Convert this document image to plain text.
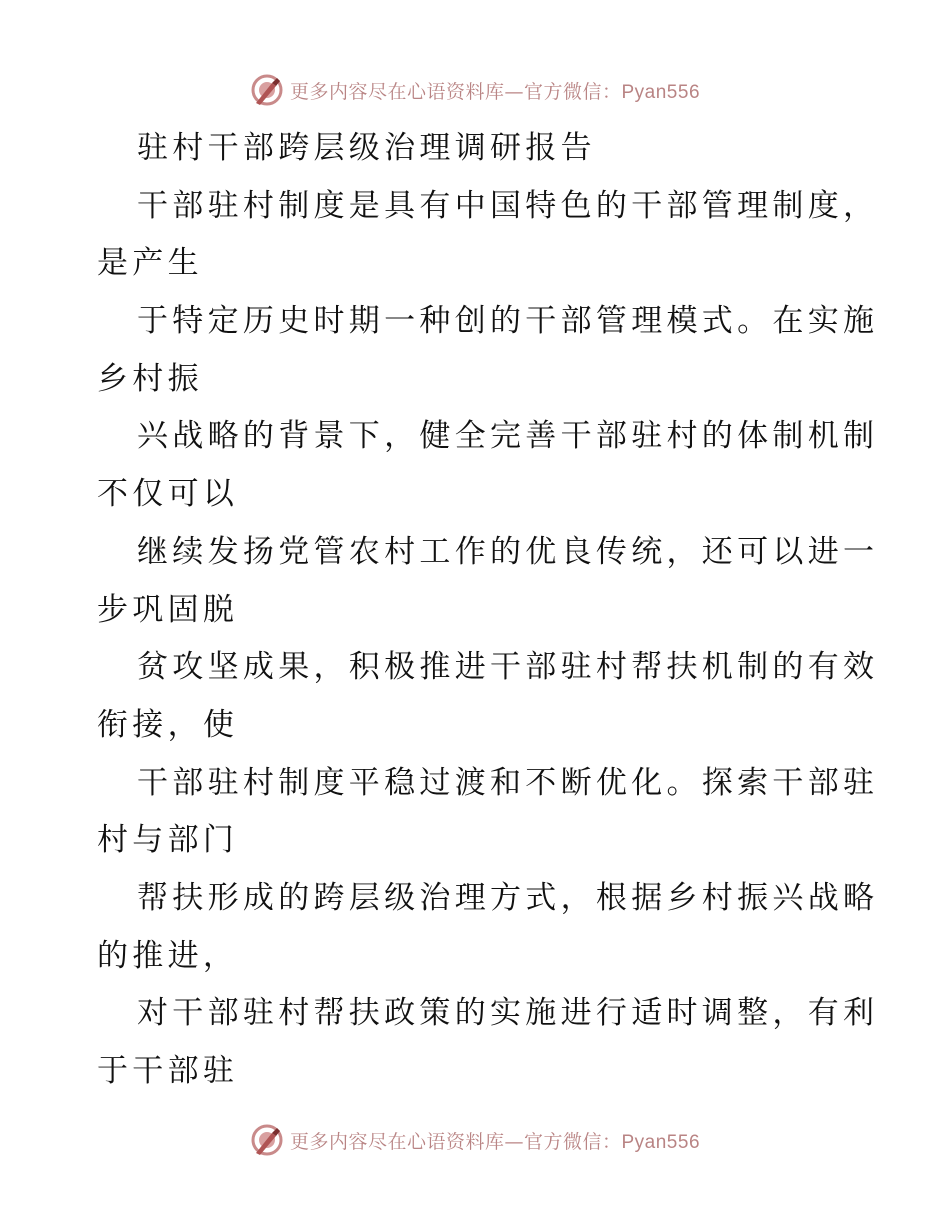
更多内容尽在心语资料库—官方微信：Pyan556
驻村干部跨层级治理调研报告
干部驻村制度是具有中国特色的干部管理制度，
是产生
于特定历史时期一种创的干部管理模式。在实施
乡村振
兴战略的背景下，健全完善干部驻村的体制机制
不仅可以
继续发扬党管农村工作的优良传统，还可以进一
步巩固脱
贫攻坚成果，积极推进干部驻村帮扶机制的有效
衔接，使
干部驻村制度平稳过渡和不断优化。探索干部驻
村与部门
帮扶形成的跨层级治理方式，根据乡村振兴战略
的推进，
对干部驻村帮扶政策的实施进行适时调整，有利
于干部驻
更多内容尽在心语资料库—官方微信：Pyan556
